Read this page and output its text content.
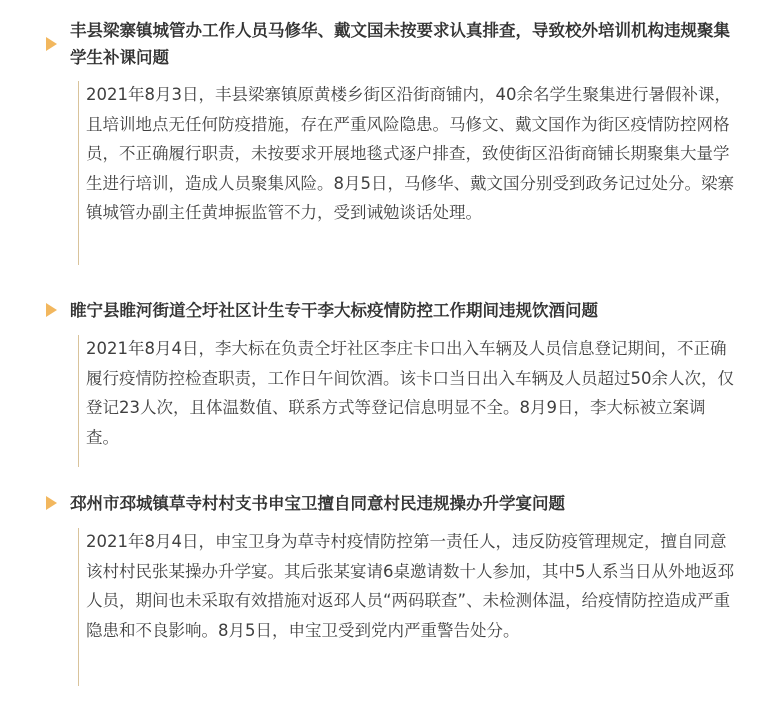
丰县梁寨镇城管办工作人员马修华、戴文国未按要求认真排查，导致校外培训机构违规聚集学生补课问题
2021年8月3日，丰县梁寨镇原黄楼乡街区沿街商铺内，40余名学生聚集进行暑假补课，且培训地点无任何防疫措施，存在严重风险隐患。马修文、戴文国作为街区疫情防控网格员，不正确履行职责，未按要求开展地毯式逐户排查，致使街区沿街商铺长期聚集大量学生进行培训，造成人员聚集风险。8月5日，马修华、戴文国分别受到政务记过处分。梁寨镇城管办副主任黄坤振监管不力，受到诫勉谈话处理。
睢宁县睢河街道仝圩社区计生专干李大标疫情防控工作期间违规饮酒问题
2021年8月4日，李大标在负责仝圩社区李庄卡口出入车辆及人员信息登记期间，不正确履行疫情防控检查职责，工作日午间饮酒。该卡口当日出入车辆及人员超过50余人次，仅登记23人次，且体温数值、联系方式等登记信息明显不全。8月9日，李大标被立案调查。
邳州市邳城镇草寺村村支书申宝卫擅自同意村民违规操办升学宴问题
2021年8月4日，申宝卫身为草寺村疫情防控第一责任人，违反防疫管理规定，擅自同意该村村民张某操办升学宴。其后张某宴请6桌邀请数十人参加，其中5人系当日从外地返邳人员，期间也未采取有效措施对返邳人员“两码联查”、未检测体温，给疫情防控造成严重隐患和不良影响。8月5日，申宝卫受到党内严重警告处分。
